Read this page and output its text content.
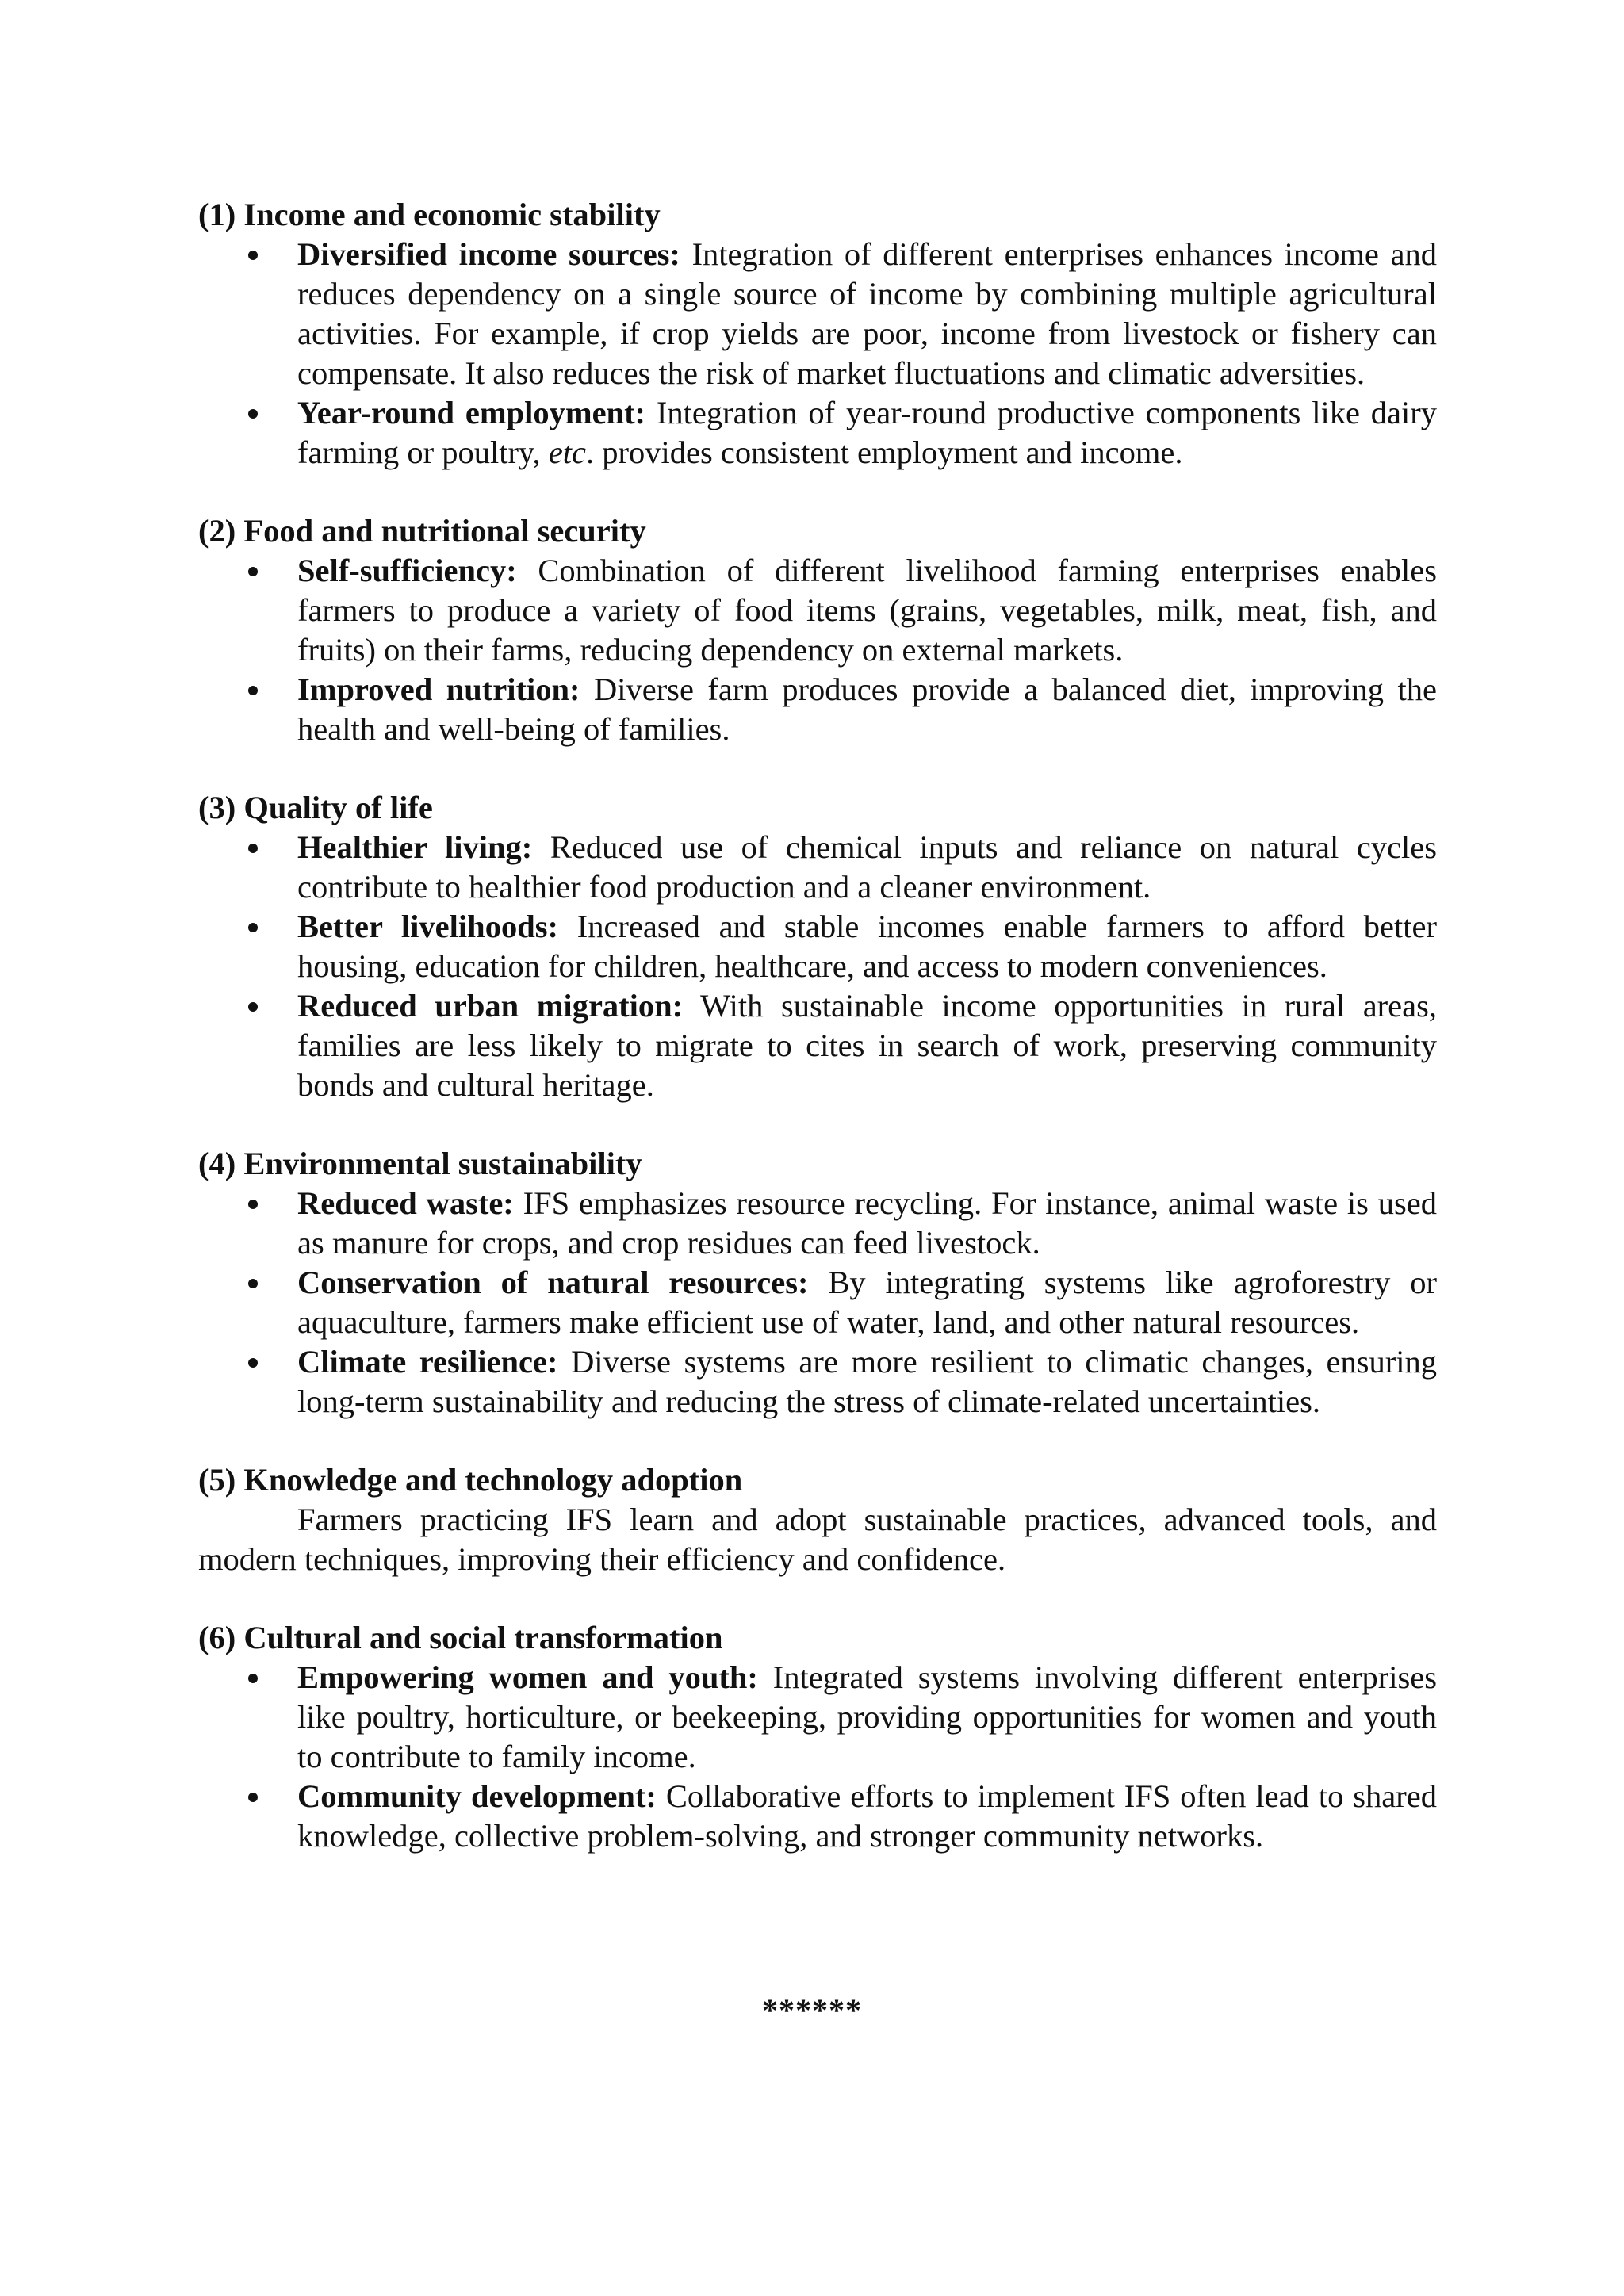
(1) Income and economic stability

Diversified income sources: Integration of different enterprises enhances income and reduces dependency on a single source of income by combining multiple agricultural activities. For example, if crop yields are poor, income from livestock or fishery can compensate. It also reduces the risk of market fluctuations and climatic adversities.
Year-round employment: Integration of year-round productive components like dairy farming or poultry, etc. provides consistent employment and income.

(2) Food and nutritional security

Self-sufficiency: Combination of different livelihood farming enterprises enables farmers to produce a variety of food items (grains, vegetables, milk, meat, fish, and fruits) on their farms, reducing dependency on external markets.
Improved nutrition: Diverse farm produces provide a balanced diet, improving the health and well-being of families.

(3) Quality of life

Healthier living: Reduced use of chemical inputs and reliance on natural cycles contribute to healthier food production and a cleaner environment.
Better livelihoods: Increased and stable incomes enable farmers to afford better housing, education for children, healthcare, and access to modern conveniences.
Reduced urban migration: With sustainable income opportunities in rural areas, families are less likely to migrate to cites in search of work, preserving community bonds and cultural heritage.

(4) Environmental sustainability

Reduced waste: IFS emphasizes resource recycling. For instance, animal waste is used as manure for crops, and crop residues can feed livestock.
Conservation of natural resources: By integrating systems like agroforestry or aquaculture, farmers make efficient use of water, land, and other natural resources.
Climate resilience: Diverse systems are more resilient to climatic changes, ensuring long-term sustainability and reducing the stress of climate-related uncertainties.

(5) Knowledge and technology adoption

Farmers practicing IFS learn and adopt sustainable practices, advanced tools, and modern techniques, improving their efficiency and confidence.

(6) Cultural and social transformation

Empowering women and youth: Integrated systems involving different enterprises like poultry, horticulture, or beekeeping, providing opportunities for women and youth to contribute to family income.
Community development: Collaborative efforts to implement IFS often lead to shared knowledge, collective problem-solving, and stronger community networks.
******
